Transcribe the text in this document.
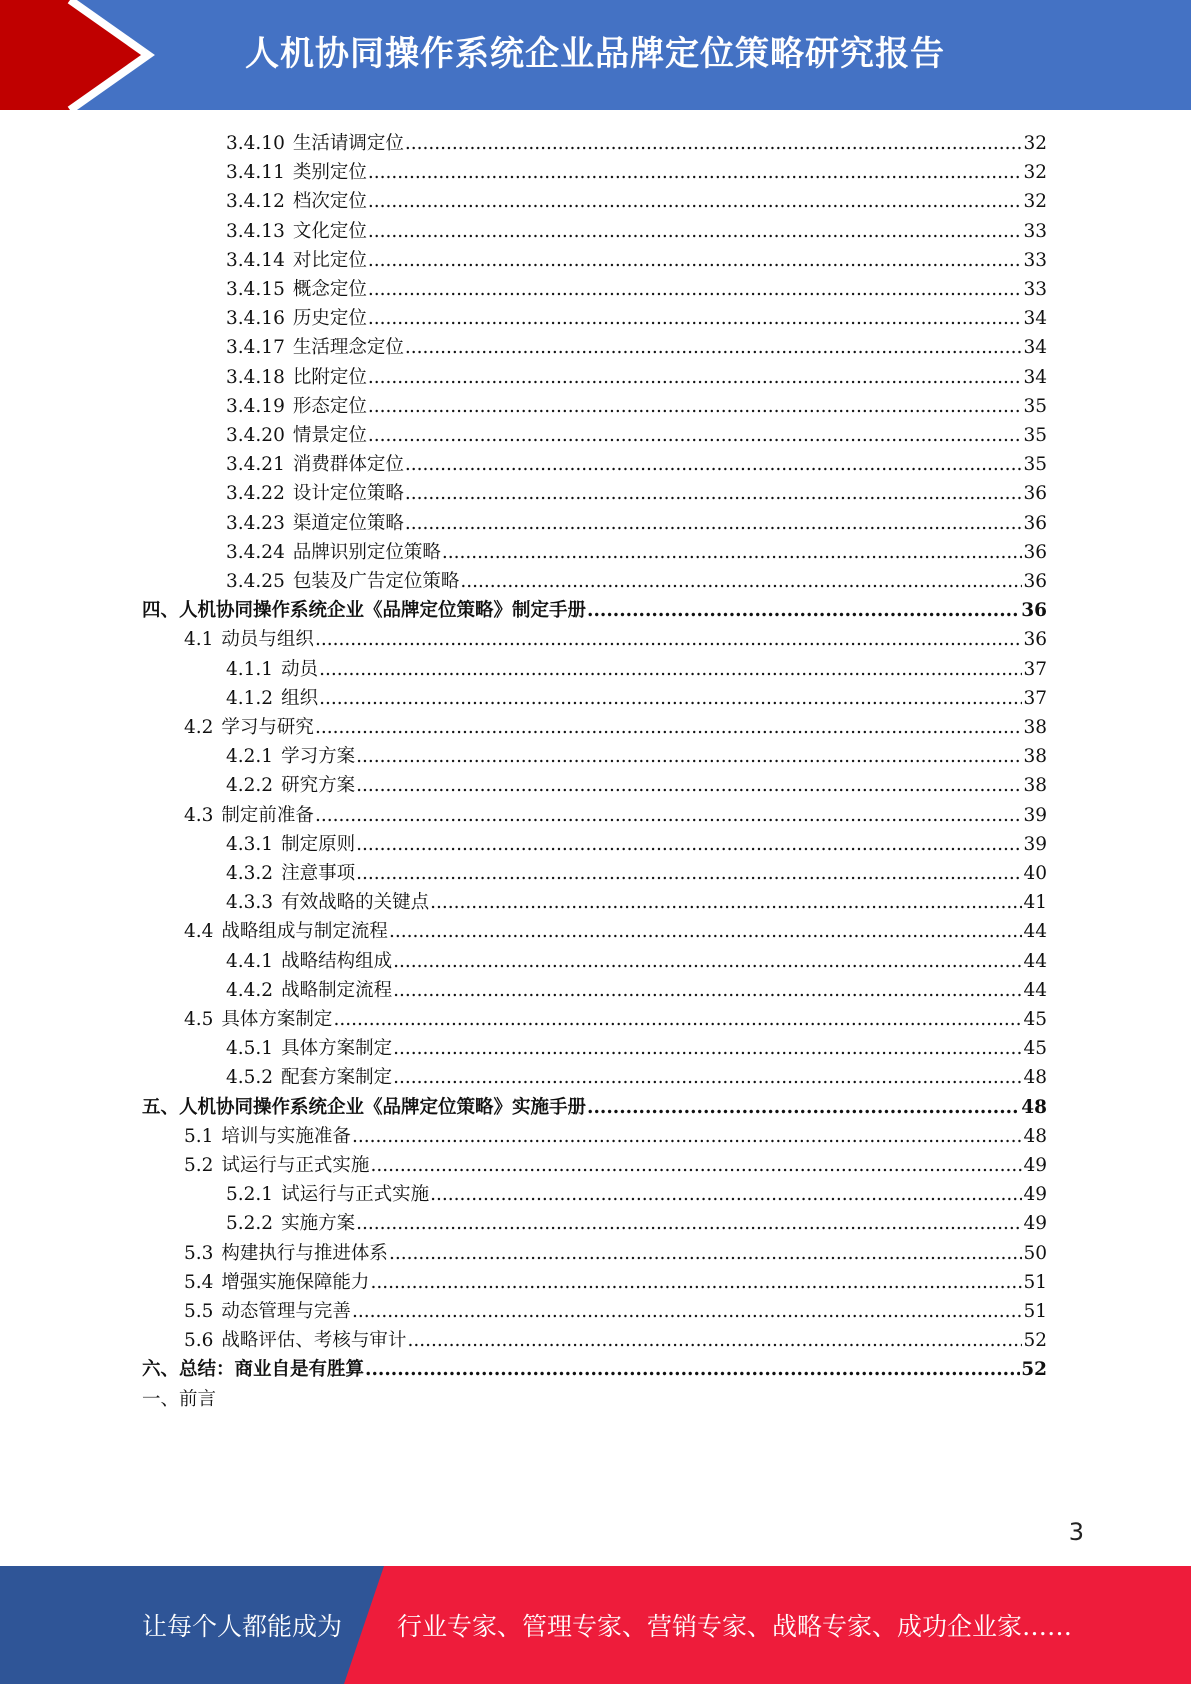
人机协同操作系统企业品牌定位策略研究报告
3.4.10 生活请调定位 .....	32
3.4.11 类别定位 .....	32
3.4.12 档次定位 .....	32
3.4.13 文化定位 .....	33
3.4.14 对比定位 .....	33
3.4.15 概念定位 .....	33
3.4.16 历史定位 .....	34
3.4.17 生活理念定位 .....	34
3.4.18 比附定位 .....	34
3.4.19 形态定位 .....	35
3.4.20 情景定位 .....	35
3.4.21 消费群体定位 .....	35
3.4.22 设计定位策略 .....	36
3.4.23 渠道定位策略 .....	36
3.4.24 品牌识别定位策略 .....	36
3.4.25 包装及广告定位策略 .....	36
四、人机协同操作系统企业《品牌定位策略》制定手册 .....	36
4.1 动员与组织 .....	36
4.1.1 动员 .....	37
4.1.2 组织 .....	37
4.2 学习与研究 .....	38
4.2.1 学习方案 .....	38
4.2.2 研究方案 .....	38
4.3 制定前准备 .....	39
4.3.1 制定原则 .....	39
4.3.2 注意事项 .....	40
4.3.3 有效战略的关键点 .....	41
4.4 战略组成与制定流程 .....	44
4.4.1 战略结构组成 .....	44
4.4.2 战略制定流程 .....	44
4.5 具体方案制定 .....	45
4.5.1 具体方案制定 .....	45
4.5.2 配套方案制定 .....	48
五、人机协同操作系统企业《品牌定位策略》实施手册 .....	48
5.1 培训与实施准备 .....	48
5.2 试运行与正式实施 .....	49
5.2.1 试运行与正式实施 .....	49
5.2.2 实施方案 .....	49
5.3 构建执行与推进体系 .....	50
5.4 增强实施保障能力 .....	51
5.5 动态管理与完善 .....	51
5.6 战略评估、考核与审计 .....	52
六、总结：商业自是有胜算 .....	52
一、前言
3
让每个人都能成为 行业专家、管理专家、营销专家、战略专家、成功企业家……
